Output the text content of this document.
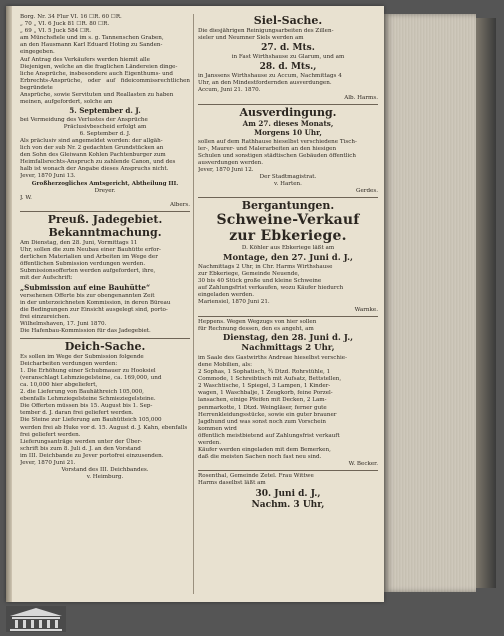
Borg. Nr. 34 Flur VI. 16 ☐R. 60 ☐R.

„ 70 „ VI. 6 Juck 81 ☐R. 80 ☐R.

„ 69 „ VI. 5 Juck 584 ☐R.

am Münchsfiele und im s. g. Tannenschen Graben,

an den Hausmann Karl Eduard Hoting zu Sanden-

eingegeben.

Auf Antrag des Verkäufers werden hiemit alle

Diejenigen, welche an die fraglichen Ländereien dinge-

liche Ansprüche, insbesondere auch Eigenthums- und

Erbrechts-Ansprüche, oder auf fideicommissrechtlichen begründete

Ansprüche, sowie Servituten und Reallasten zu haben

meinen, aufgefordert, solche am

5. September d. J.

bei Vermeidung des Verlustes der Ansprüche

Präclusivbescheid erfolgt am

6. September d. J.

Als präclusiv sind angemeldet worden: der allgäh-

lich von der sub Nr. 2 gedachten Grundstücken an

den Sohn des Gleiwann Kohlen Pachtenburger zum

Heimfallsrechts-Anspruch zu zahlende Canon, und des

halb ist wonach der Angabe dieses Anspruchs nicht.

Jever, 1870 Juni 13.

Großherzogliches Amtsgericht, Abtheilung III.

Dreyer.

J. W.

Albers.

Preuß. Jadegebiet.

Bekanntmachung.

Am Dienstag, den 28. Juni, Vormittags 11

Uhr, sollen die zum Neubau einer Bauhütte erfor-

derlichen Materialien und Arbeiten im Wege der

öffentlichen Submission verdungen werden.

Submissionsofferten werden aufgefordert, ihre,

mit der Aufschrift:

„Submission auf eine Bauhütte“

versehenen Offerte bis zur obengenannten Zeit

in der unterzeichneten Kommission, in deren Büreau

die Bedingungen zur Einsicht ausgelegt sind, porto-

frei einzureichen.

Wilhelmshaven, 17. Juni 1870.

Die Hafenbau-Kommission für das Jadegebiet.

Deich-Sache.

Es sollen im Wege der Submission folgende

Deicharbeiten verdungen werden:

1. Die Erhöhung einer Schubmauer zu Hooksiel

(veranschlagt Lehmziegelsteine, ca. 169,000, und

ca. 10,000 hier abgeliefert,

2. die Lieferung von Bauhäthreich 105,000,

ebenfalls Lehmziegelsteine Schmieziegelsteine.

Die Offerten müssen bis 15. August bis 1. Sep-

tember d. J. daran frei geliefert werden.

Die Steine zur Lieferung am Bauhütteich 105,000

werden frei ab Huke vor d. 15. August d. J. Kahn, ebenfalls

frei geliefert werden.

Lieferungsanträge werden unter der Über-

schrift bis zum 8. Juli d. J. an den Vorstand

im III. Deichbande zu Jever portofrei einzusenden.

Jever, 1870 Juni 21.

Vorstand des III. Deichbandes.

v. Heimburg.

Siel-Sache.

Die diesjährigen Reinigungsarbeiten des Zillen-

sieler und Neumner Siels werden am

27. d. Mts.

in Fast Wirthshause zu Glarum, und am

28. d. Mts.,

in Janssens Wirthshause zu Accum, Nachmittags 4

Uhr, an den Mindestfordernden ausverdungen.

Accum, Juni 21. 1870.

Alb. Harms.

Ausverdingung.

Am 27. dieses Monats,

Morgens 10 Uhr,

sollen auf dem Rathhause hieselbst verschiedene Tisch-

ler-, Maurer- und Malerarbeiten an den hiesigen

Schulen und sonstigen städtischen Gebäuden öffentlich

ausverdungen werden.

Jever, 1870 Juni 12.

Der Stadtmagistrat.

v. Harten.

Gerdes.

Bergantungen.

Schweine-Verkauf

zur Ebkeriege.

D. Köhler aus Ebkeriege läßt am

Montage, den 27. Juni d. J.,

Nachmittags 2 Uhr, in Chr. Harms Wirthshause

zur Ebkeriege, Gemeinde Neuende,

30 bis 40 Stück große und kleine Schweine

auf Zahlungsfrist verkaufen, wozu Käufer hiedurch

eingeladen werden.

Mariensiel, 1870 Juni 21.

Warnke.

Heppens. Wegen Wegzugs von hier sollen

für Rechnung dessen, den es angeht, am

Dienstag, den 28. Juni d. J.,

Nachmittags 2 Uhr,

im Saale des Gastwirths Andreae hieselbst verschie-

dene Mobilien, als:

2 Sophas, 1 Sophatisch, ¾ Dtzd. Rohrstühle, 1

Commode, 1 Schreibtisch mit Aufsatz, Bettstellen,

2 Waschtische, 1 Spiegel, 3 Lampen, 1 Kinder-

wagen, 1 Waschbalje, 1 Zeugkorb, feine Porzel-

lansachen, einige Pfeifen mit Decken, 2 Lam-

penmarkotte, 1 Dtzd. Weingläser, ferner gute

Herrenkleidungsstücke, sowie ein guter brauner

Jagdhund und was sonst noch zum Vorschein

kommen wird

öffentlich meistbietend auf Zahlungsfrist verkauft

werden.

Käufer werden eingeladen mit dem Bemerken,

daß die meisten Sachen noch fast neu sind.

W. Becker.

Rosenthal, Gemeinde Zetel. Frau Wittwe

Harms daselbst läßt am

30. Juni d. J.,

Nachm. 3 Uhr,
